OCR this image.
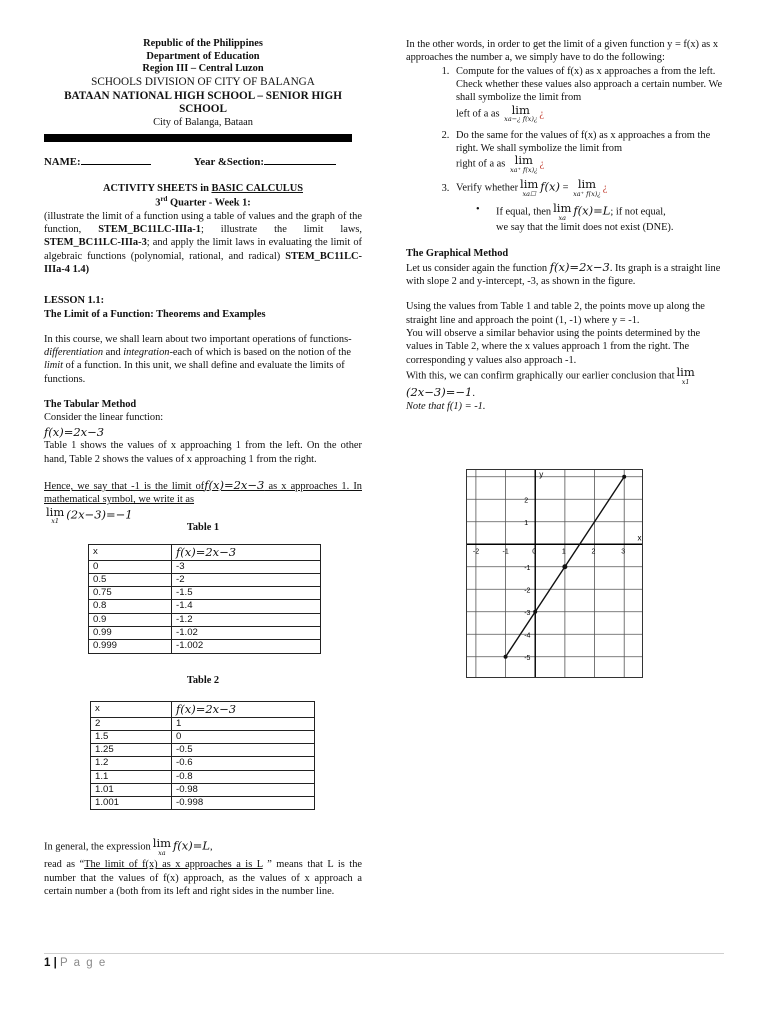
Republic of the Philippines

Department of Education

Region III – Central Luzon

SCHOOLS DIVISION OF CITY OF BALANGA

BATAAN NATIONAL HIGH SCHOOL – SENIOR HIGH SCHOOL

City of Balanga, Bataan

NAME:	Year &Section:

ACTIVITY SHEETS in BASIC CALCULUS

3rd Quarter - Week 1:

(illustrate the limit of a function using a table of values and the graph of the function, STEM_BC11LC-IIIa-1; illustrate the limit laws, STEM_BC11LC-IIIa-3; and apply the limit laws in evaluating the limit of algebraic functions (polynomial, rational, and radical) STEM_BC11LC-IIIa-4 1.4)

LESSON 1.1:

The Limit of a Function: Theorems and Examples

In this course, we shall learn about two important operations of functions-differentiation and integration-each of which is based on the notion of the limit of a function. In this unit, we shall define and evaluate the limits of functions.

The Tabular Method

Consider the linear function:

f(x)=2x−3

Table 1 shows the values of x approaching 1 from the left. On the other hand, Table 2 shows the values of x approaching 1 from the right.

Hence, we say that -1 is the limit off(x)=2x−3 as x approaches 1. In mathematical symbol, we write it as

lim
x1
(2x−3)=−1

Table 1

x	f(x)=2x−3
0	-3
0.5	-2
0.75	-1.5
0.8	-1.4
0.9	-1.2
0.99	-1.02
0.999	-1.002

Table 2

x	f(x)=2x−3
2	1
1.5	0
1.25	-0.5
1.2	-0.6
1.1	-0.8
1.01	-0.98
1.001	-0.998

In general, the expression lim
xa
f(x)=L,

read as “The limit of f(x) as x approaches a is L ” means that L is the number that the values of f(x) approach, as the values of x approach a certain number a (both from its left and right sides in the number line.

In the other words, in order to get the limit of a given function y = f(x) as x approaches the number a, we simply have to do the following:

1. Compute for the values of f(x) as x approaches a from the left. Check whether these values also approach a certain number. We shall symbolize the limit from
left of a as	lim
xa−¿ f(x)¿
¿
2. Do the same for the values of f(x) as x approaches a from the right. We shall symbolize the limit from
right of a as lim
xa⁺ f(x)¿
¿
3. Verify whether lim
xa☐
f(x) = lim
xa⁺ f(x)¿
¿
•	If equal, then lim
xa
f(x)=L; if not equal,
we say that the limit does not exist (DNE).

The Graphical Method

Let us consider again the function f(x)=2x−3. Its graph is a straight line with slope 2 and y-intercept, -3, as shown in the figure.

Using the values from Table 1 and table 2, the points move up along the straight line and approach the point (1, -1) where y = -1.

You will observe a similar behavior using the points determined by the values in Table 2, where the x values approach 1 from the right. The corresponding y values also approach -1.

With this, we can confirm graphically our earlier conclusion that lim
x1
(2x−3)=−1.

Note that f(1) = -1.

x
y
-2	-1	0	1	2	3
2
1
-1
-2
-3
-4
-5
1 | P a g e
